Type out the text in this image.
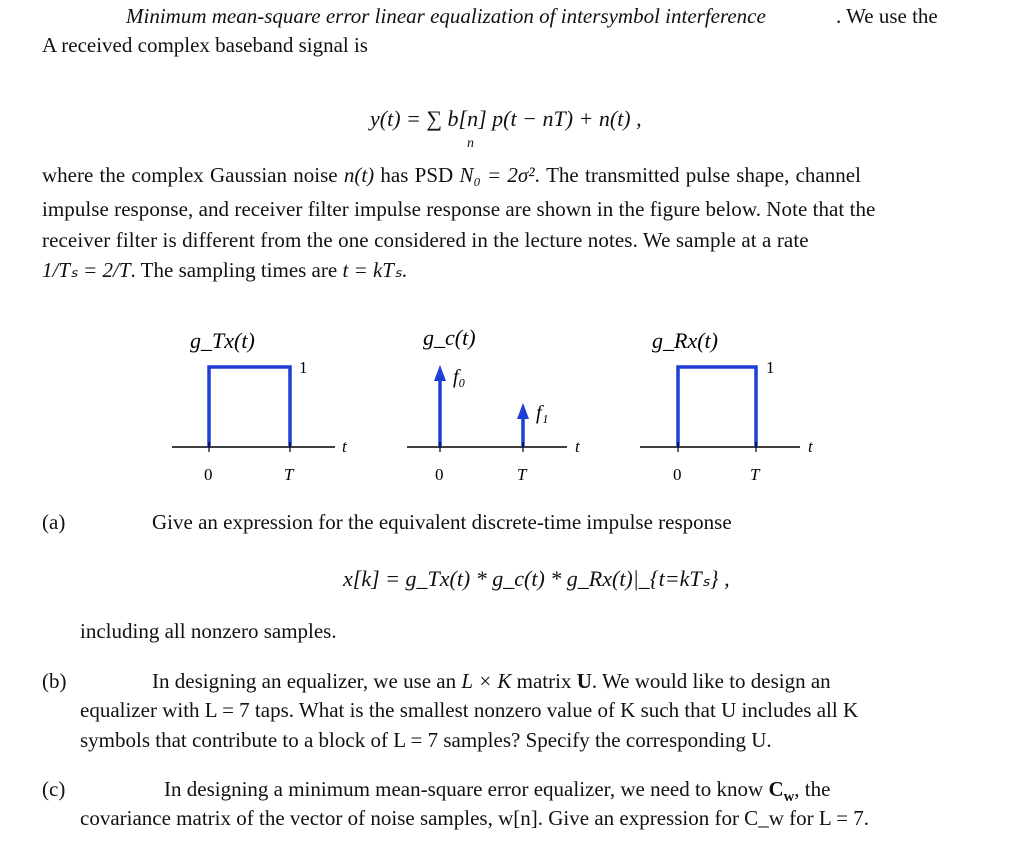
Minimum mean-square error linear equalization of intersymbol interference	. We use the
A received complex baseband signal is
y(t) = ∑ b[n] p(t − nT) + n(t) ,
n
where the complex Gaussian noise n(t) has PSD N₀ = 2σ². The transmitted pulse shape, channel
impulse response, and receiver filter impulse response are shown in the figure below. Note that the
receiver filter is different from the one considered in the lecture notes. We sample at a rate
1/Tₛ = 2/T. The sampling times are t = kTₛ.
g_Tx(t)
1
0	T
t
g_c(t)
f₀
f₁
0	T
t
g_Rx(t)
1
0	T
t
(a)	Give an expression for the equivalent discrete-time impulse response
x[k] = g_Tx(t) * g_c(t) * g_Rx(t)|_{t=kTₛ} ,
including all nonzero samples.
(b)	In designing an equalizer, we use an L × K matrix U. We would like to design an
equalizer with L = 7 taps. What is the smallest nonzero value of K such that U includes all K
symbols that contribute to a block of L = 7 samples? Specify the corresponding U.
(c)	In designing a minimum mean-square error equalizer, we need to know $C_w$, the
covariance matrix of the vector of noise samples, w[n]. Give an expression for C_w for L = 7.
